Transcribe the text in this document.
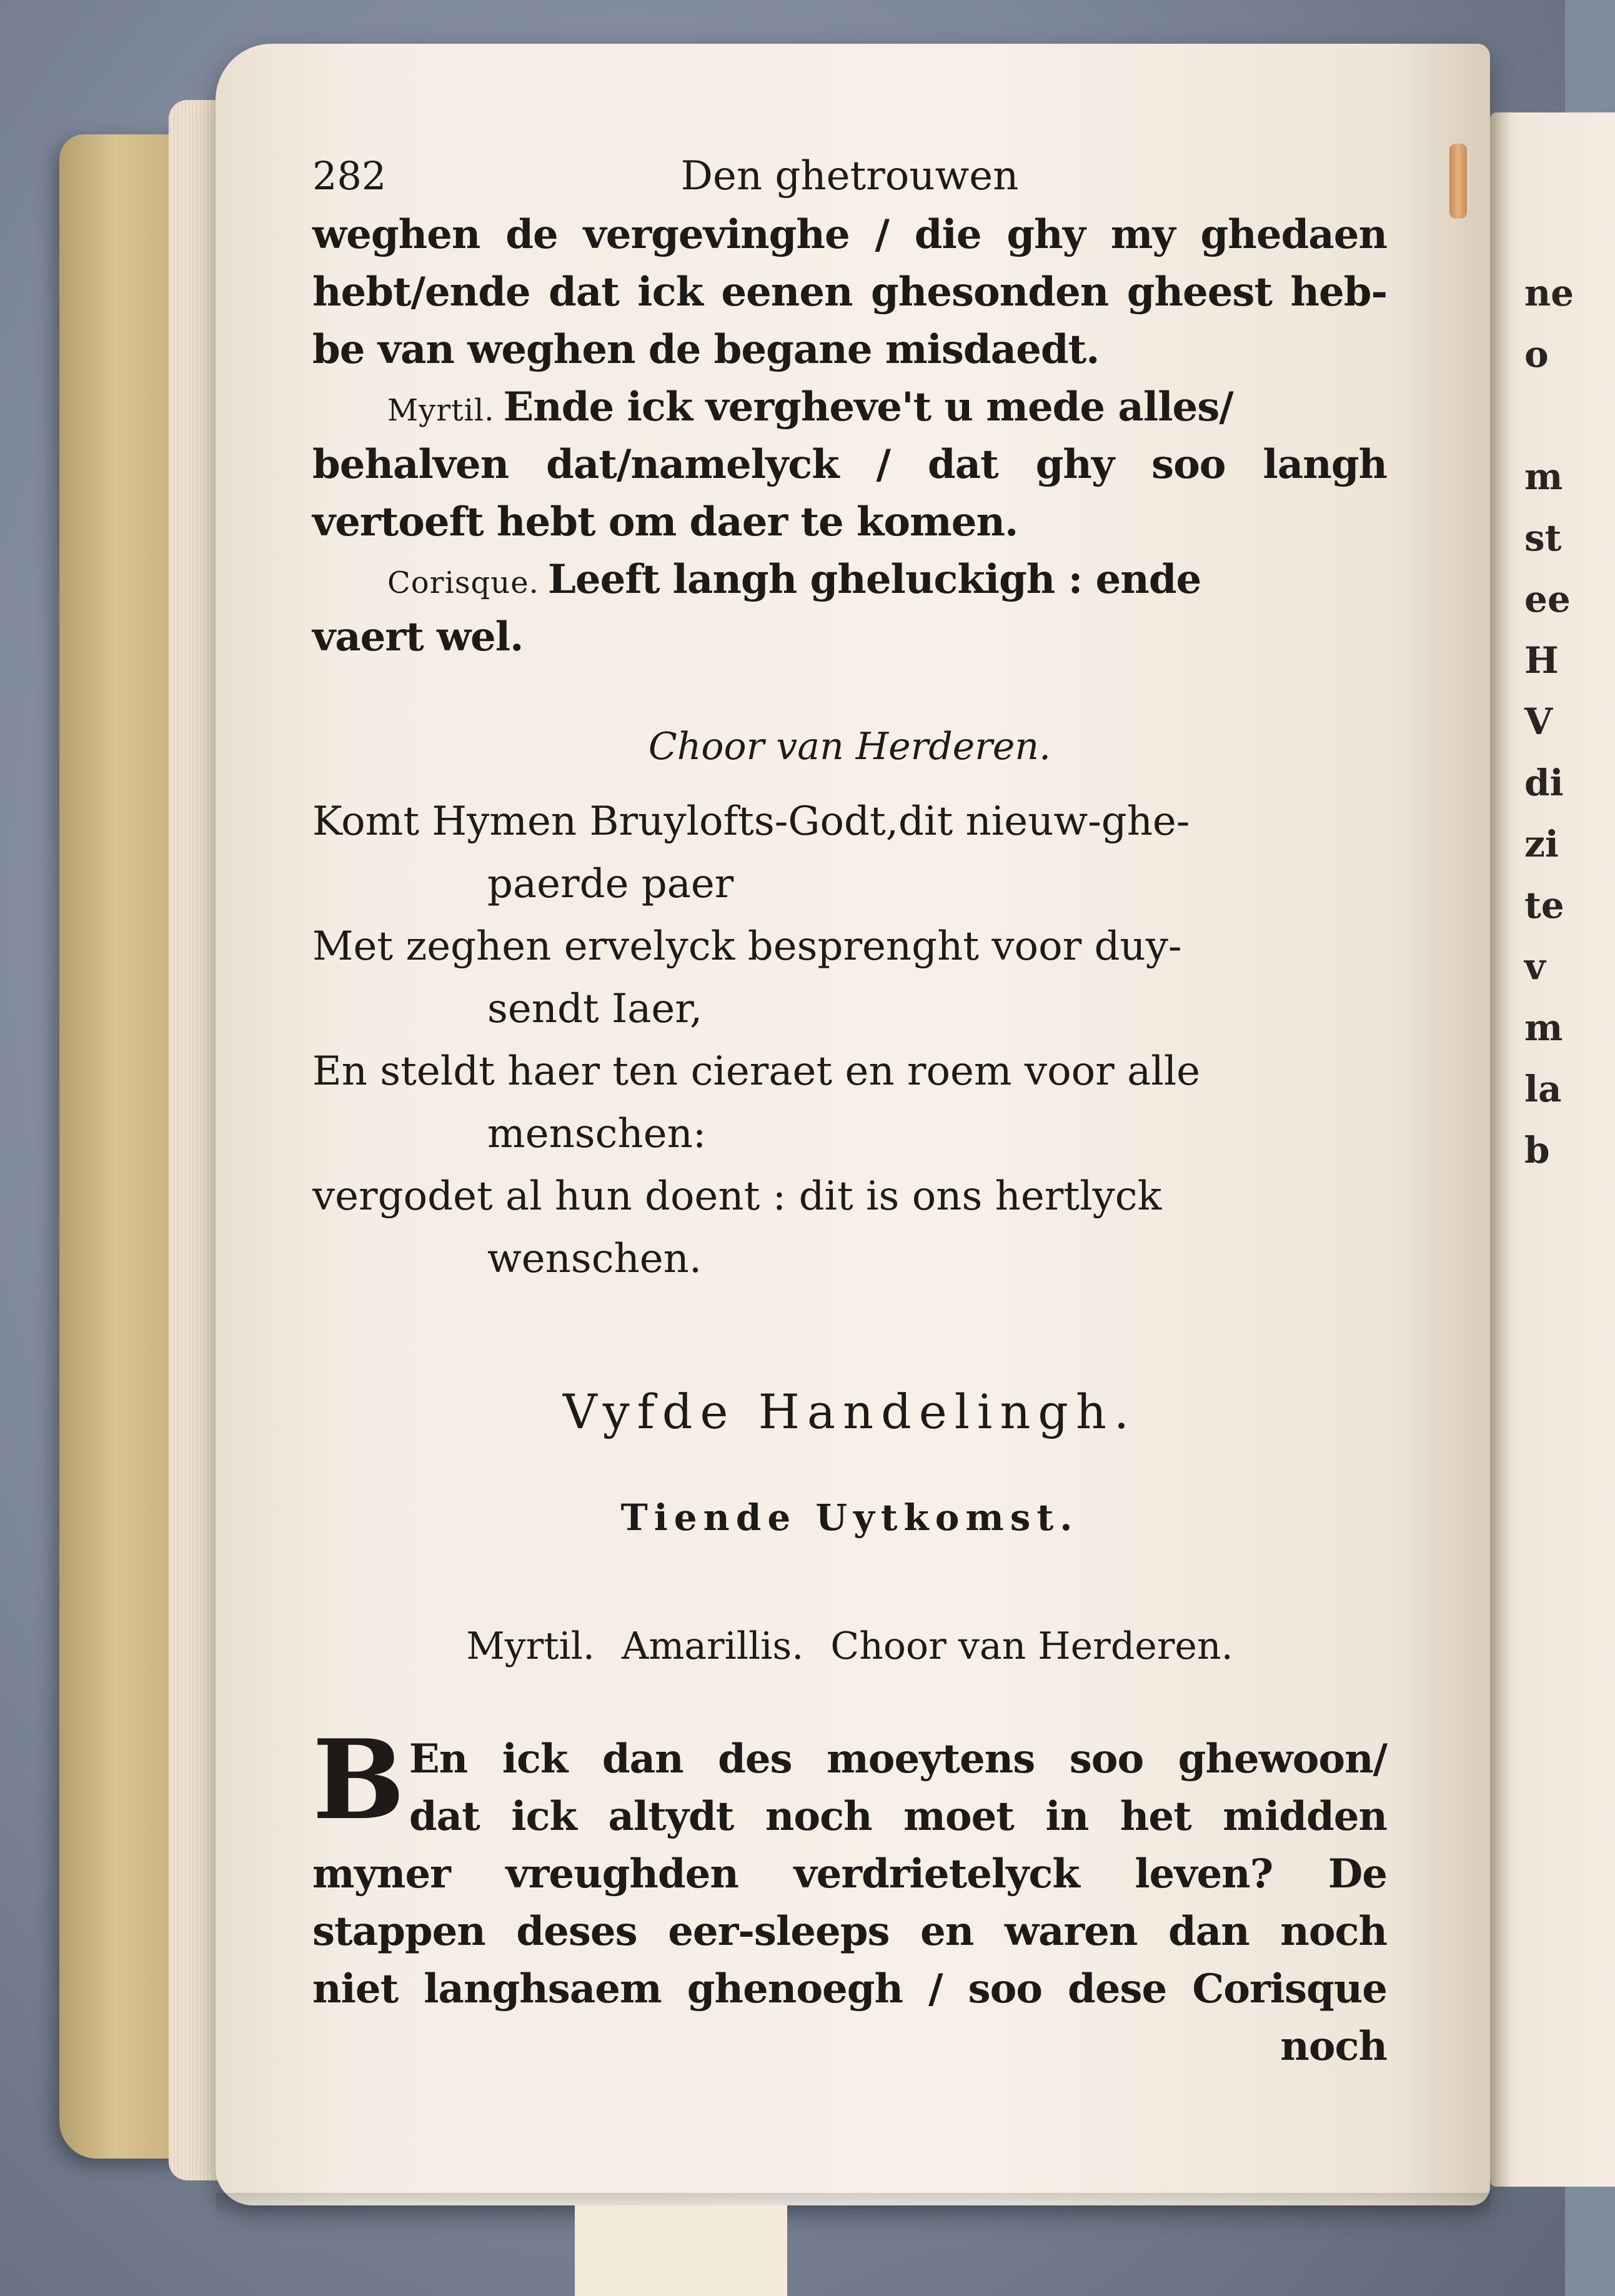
ne
o
m
st
ee
H
V
di
zi
te
v
m
la
b
282	Den ghetrouwen
weghen de vergevinghe / die ghy my ghedaen
hebt/ende dat ick eenen ghesonden gheest heb-
be van weghen de begane misdaedt.
Myrtil. Ende ick vergheve't u mede alles/
behalven dat/namelyck / dat ghy soo langh
vertoeft hebt om daer te komen.
Corisque. Leeft langh gheluckigh : ende
vaert wel.
Choor van Herderen.
Komt Hymen Bruylofts-Godt,dit nieuw-ghe-
paerde paer
Met zeghen ervelyck besprenght voor duy-
sendt Iaer,
En steldt haer ten cieraet en roem voor alle
menschen:
vergodet al hun doent : dit is ons hertlyck
wenschen.
Vyfde Handelingh.
Tiende Uytkomst.
Myrtil. Amarillis. Choor van Herderen.
B En ick dan des moeytens soo ghewoon/
dat ick altydt noch moet in het midden
myner vreughden verdrietelyck leven? De
stappen deses eer-sleeps en waren dan noch
niet langhsaem ghenoegh / soo dese Corisque
noch
